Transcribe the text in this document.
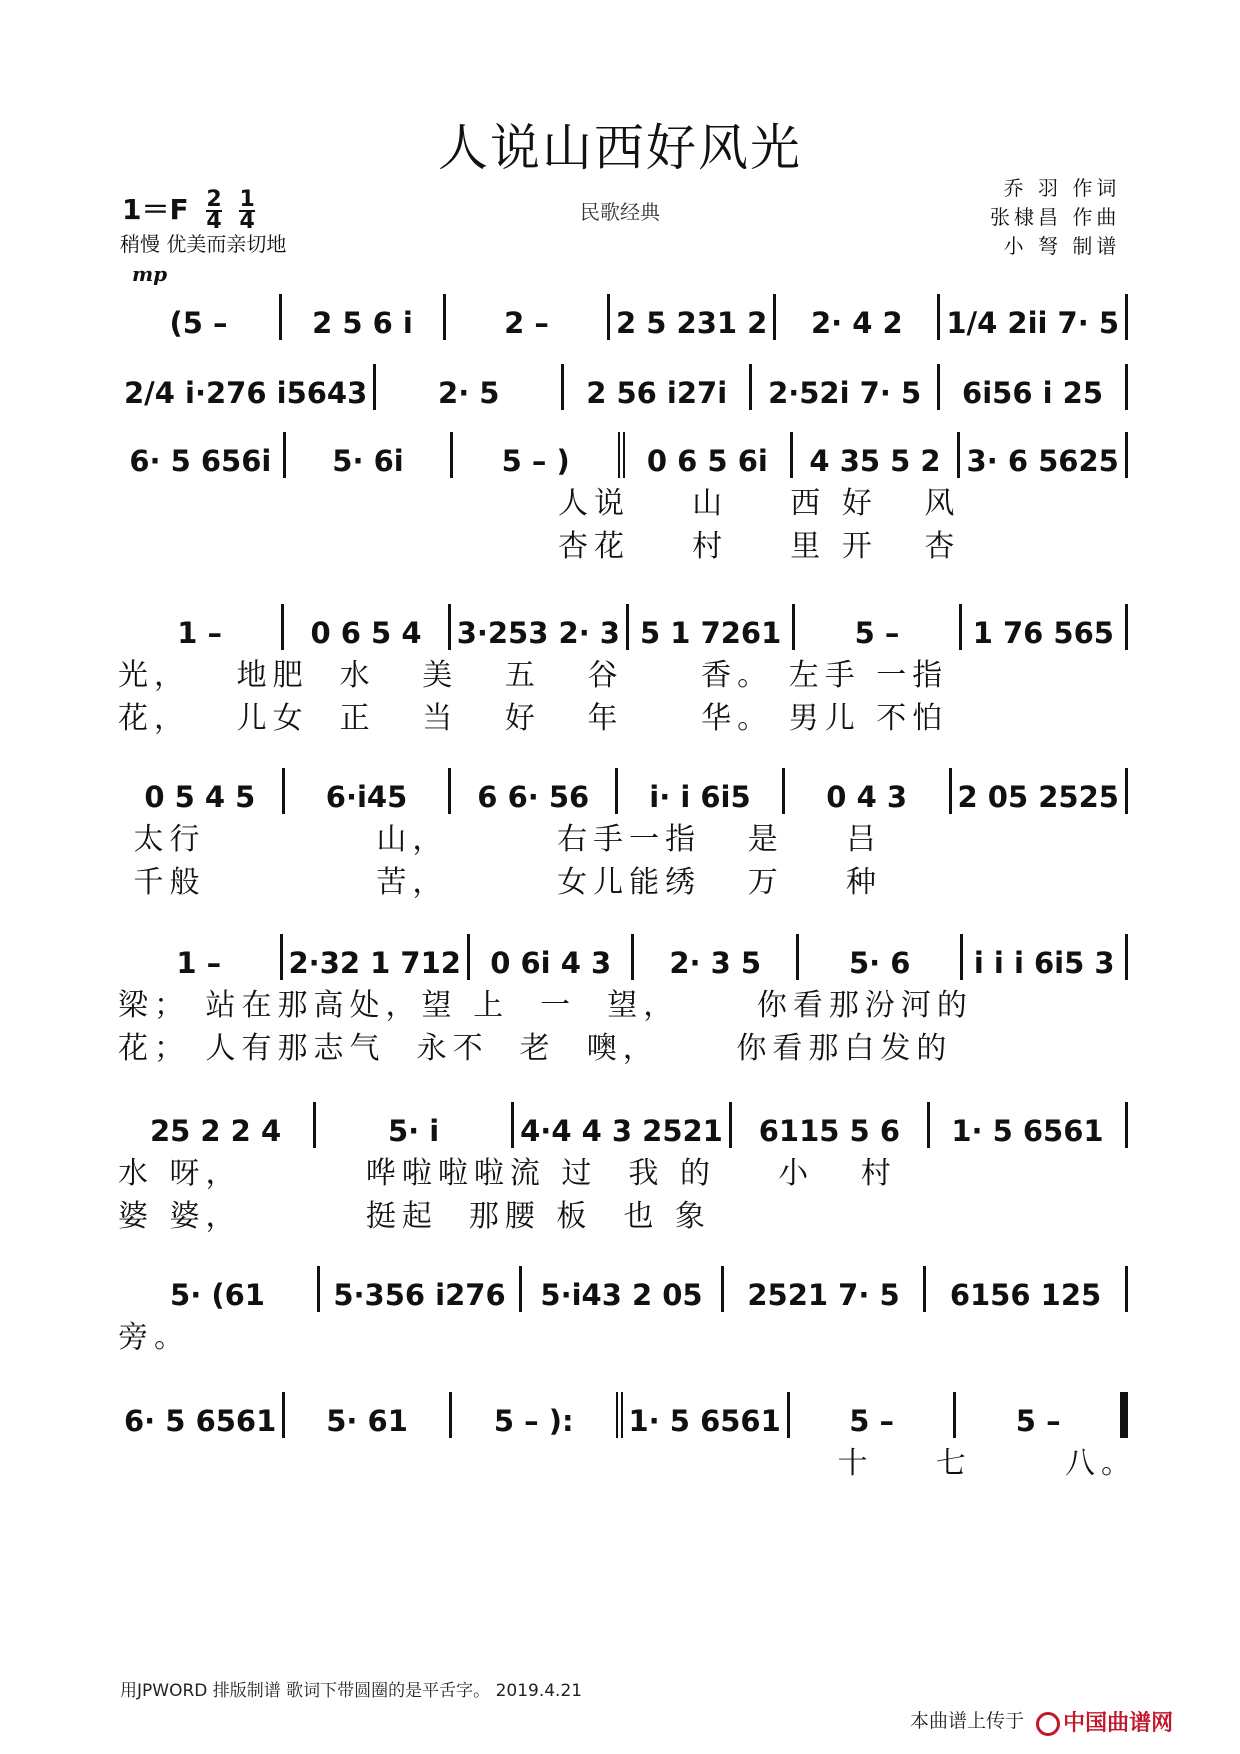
人说山西好风光
民歌经典
$1=F \frac{2}{4}$
$\frac{1}{4}$
稍慢 优美而亲切地
mp
乔 羽 作词
张棣昌 作曲
小 弩 制谱
(5 –	2 5 6 i	2 – 2 5 231 2 2· 4 2 1/4 2ii 7· 5
2/4 i·276 i5643 2· 5	2 56 i27i 2·52i 7· 5 6i56 i 25
6· 5 656i 5· 6i	5 – )	0 6 5 6i 4 35 5 2 3· 6 5625
人说    山    西 好   风
杏花    村    里 开   杏
1 –	0 6 5 4 3·253 2· 3 5 1 7261	5 –	1 76 565
光，   地肥  水   美   五   谷     香。 左手 一指
花，   儿女  正   当   好   年     华。 男儿 不怕
0 5 4 5 6·i45 6 6· 56 i· i 6i5	0 4 3 2 05 2525
太行           山，       右手一指   是    吕
千般           苦，       女儿能绣   万    种
1 – 2·32 1 712 0 6i 4 3 2· 3 5	5· 6 i i i 6i5 3
梁； 站在那高处，望 上  一  望，     你看那汾河的
花； 人有那志气  永不  老  噢，     你看那白发的
25 2 2 4	5· i	4·4 4 3 2521 6115 5 6 1· 5 6561
水 呀，        哗啦啦啦流 过  我 的    小   村
婆 婆，        挺起  那腰 板  也 象
5· (61 5·356 i276 5·i43 2 05 2521 7· 5 6156 125
旁。
6· 5 6561 5· 61	5 – ): 1· 5 6561 5 –	5 –
十    七      八。
用JPWORD 排版制谱 歌词下带圆圈的是平舌字。 2019.4.21
本曲谱上传于 中国曲谱网
